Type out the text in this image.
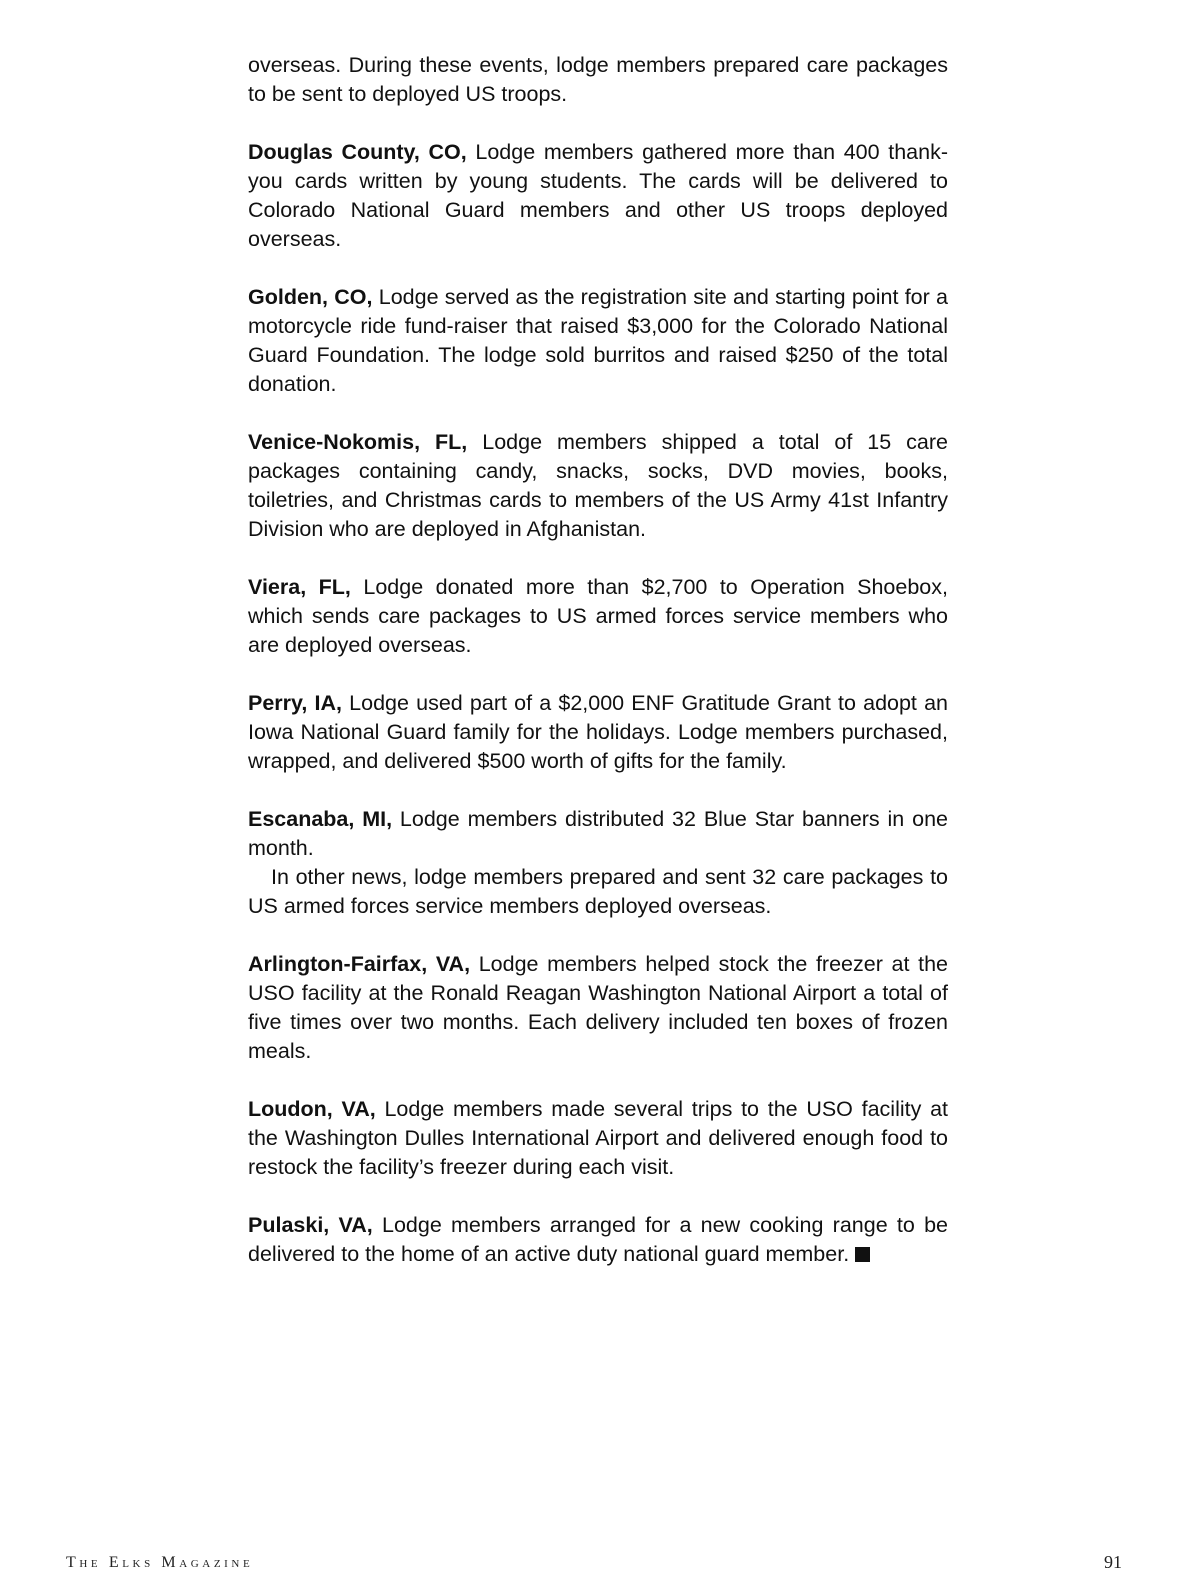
overseas. During these events, lodge members prepared care packages to be sent to deployed US troops.

Douglas County, CO, Lodge members gathered more than 400 thank-you cards written by young students. The cards will be delivered to Colorado National Guard members and other US troops deployed overseas.

Golden, CO, Lodge served as the registration site and starting point for a motorcycle ride fund-raiser that raised $3,000 for the Colorado National Guard Foundation. The lodge sold burritos and raised $250 of the total donation.

Venice-Nokomis, FL, Lodge members shipped a total of 15 care packages containing candy, snacks, socks, DVD movies, books, toiletries, and Christmas cards to members of the US Army 41st Infantry Division who are deployed in Afghanistan.

Viera, FL, Lodge donated more than $2,700 to Operation Shoebox, which sends care packages to US armed forces service members who are deployed overseas.

Perry, IA, Lodge used part of a $2,000 ENF Gratitude Grant to adopt an Iowa National Guard family for the holidays. Lodge members purchased, wrapped, and delivered $500 worth of gifts for the family.

Escanaba, MI, Lodge members distributed 32 Blue Star banners in one month.

In other news, lodge members prepared and sent 32 care packages to US armed forces service members deployed overseas.

Arlington-Fairfax, VA, Lodge members helped stock the freezer at the USO facility at the Ronald Reagan Washington National Airport a total of five times over two months. Each delivery included ten boxes of frozen meals.

Loudon, VA, Lodge members made several trips to the USO facility at the Washington Dulles International Airport and delivered enough food to restock the facility’s freezer during each visit.

Pulaski, VA, Lodge members arranged for a new cooking range to be delivered to the home of an active duty national guard member.

The Elks Magazine	91
